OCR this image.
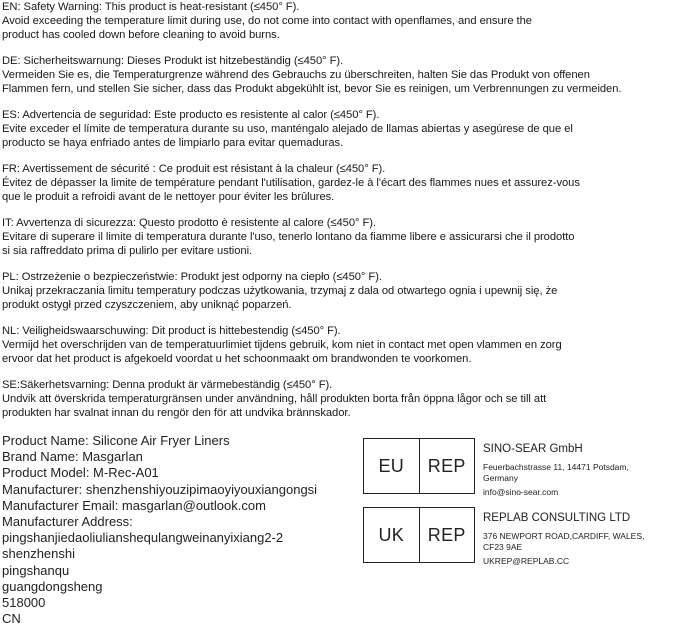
EN: Safety Warning: This product is heat-resistant (≤450° F).
Avoid exceeding the temperature limit during use, do not come into contact with openflames, and ensure the
product has cooled down before cleaning to avoid burns.
DE: Sicherheitswarnung: Dieses Produkt ist hitzebeständig (≤450° F).
Vermeiden Sie es, die Temperaturgrenze während des Gebrauchs zu überschreiten, halten Sie das Produkt von offenen
Flammen fern, und stellen Sie sicher, dass das Produkt abgekühlt ist, bevor Sie es reinigen, um Verbrennungen zu vermeiden.
ES: Advertencia de seguridad: Este producto es resistente al calor (≤450° F).
Evite exceder el límite de temperatura durante su uso, manténgalo alejado de llamas abiertas y asegúrese de que el
producto se haya enfriado antes de limpiarlo para evitar quemaduras.
FR: Avertissement de sécurité : Ce produit est résistant à la chaleur (≤450° F).
Évitez de dépasser la limite de température pendant l'utilisation, gardez-le à l'écart des flammes nues et assurez-vous
que le produit a refroidi avant de le nettoyer pour éviter les brûlures.
IT: Avvertenza di sicurezza: Questo prodotto è resistente al calore (≤450° F).
Evitare di superare il limite di temperatura durante l'uso, tenerlo lontano da fiamme libere e assicurarsi che il prodotto
si sia raffreddato prima di pulirlo per evitare ustioni.
PL: Ostrzeżenie o bezpieczeństwie: Produkt jest odporny na ciepło (≤450° F).
Unikaj przekraczania limitu temperatury podczas użytkowania, trzymaj z dala od otwartego ognia i upewnij się, że
produkt ostygł przed czyszczeniem, aby uniknąć poparzeń.
NL: Veiligheidswaarschuwing: Dit product is hittebestendig (≤450° F).
Vermijd het overschrijden van de temperatuurlimiet tijdens gebruik, kom niet in contact met open vlammen en zorg
ervoor dat het product is afgekoeld voordat u het schoonmaakt om brandwonden te voorkomen.
SE:Säkerhetsvarning: Denna produkt är värmebeständig (≤450° F).
Undvik att överskrida temperaturgränsen under användning, håll produkten borta från öppna lågor och se till att
produkten har svalnat innan du rengör den för att undvika brännskador.
Product Name: Silicone Air Fryer Liners
Brand Name: Masgarlan
Product Model: M-Rec-A01
Manufacturer: shenzhenshiyouzipimaoyiyouxiangongsi
Manufacturer Email: masgarlan@outlook.com
Manufacturer Address:
pingshanjiedaoliulianshequlangweinanyixiang2-2
shenzhenshi
pingshanqu
guangdongsheng
518000
CN
EU	REP
SINO-SEAR GmbH
Feuerbachstrasse 11, 14471 Potsdam,
Germany
info@sino-sear.com
UK	REP
REPLAB CONSULTING LTD
376 NEWPORT ROAD,CARDIFF, WALES,
CF23 9AE
UKREP@REPLAB.CC
